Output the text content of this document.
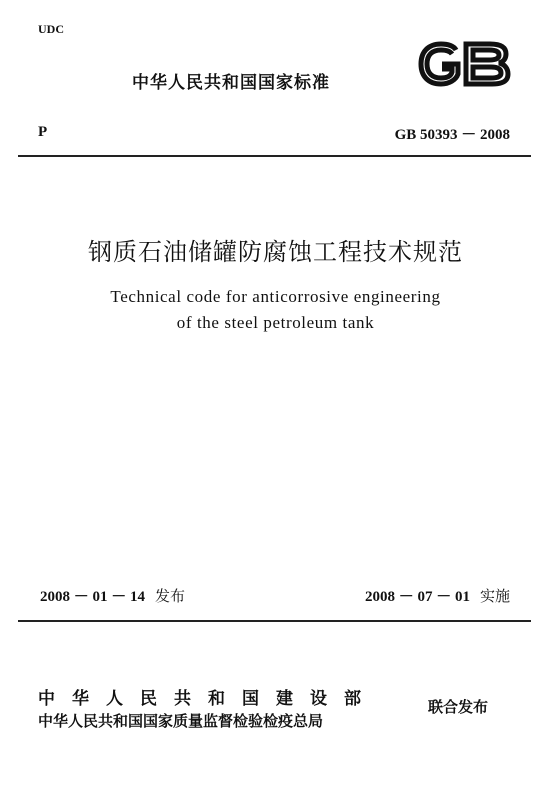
UDC
中华人民共和国国家标准
P	GB 50393 － 2008
钢质石油储罐防腐蚀工程技术规范
Technical code for anticorrosive engineering
of the steel petroleum tank
2008 － 01 － 14 发布	2008 － 07 － 01 实施
中华人民共和国建设部
中华人民共和国国家质量监督检验检疫总局
联合发布
